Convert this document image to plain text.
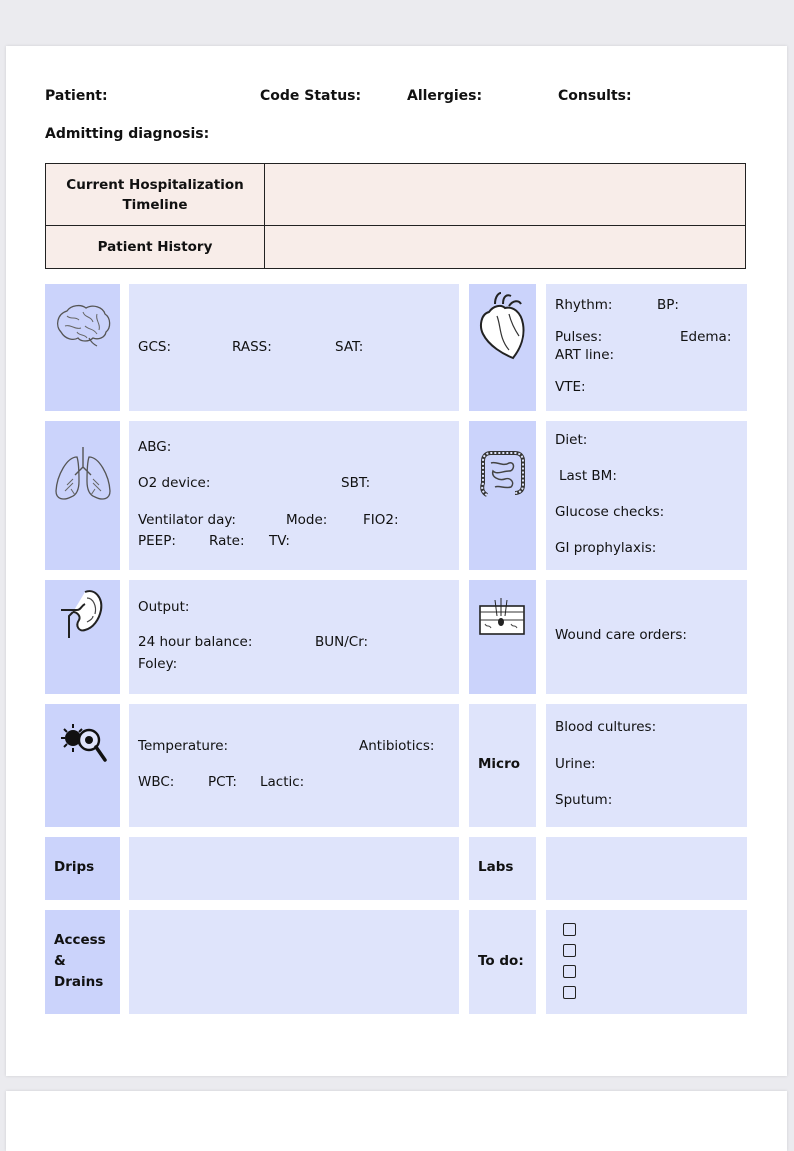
Patient:	Code Status:	Allergies:	Consults:
Admitting diagnosis:
Current Hospitalization Timeline
Patient History
GCS:	RASS:	SAT:
Rhythm:	BP:
Pulses:	Edema:
ART line:
VTE:
ABG:
O2 device:	SBT:
Ventilator day:	Mode:	FIO2:
PEEP: Rate: TV:
Diet:
Last BM:
Glucose checks:
GI prophylaxis:
Output:
24 hour balance:	BUN/Cr:
Foley:
Wound care orders:
Temperature:	Antibiotics:
WBC: PCT: Lactic:
Micro
Blood cultures:
Urine:
Sputum:
Drips	Labs
Access
&
Drains
To do:
